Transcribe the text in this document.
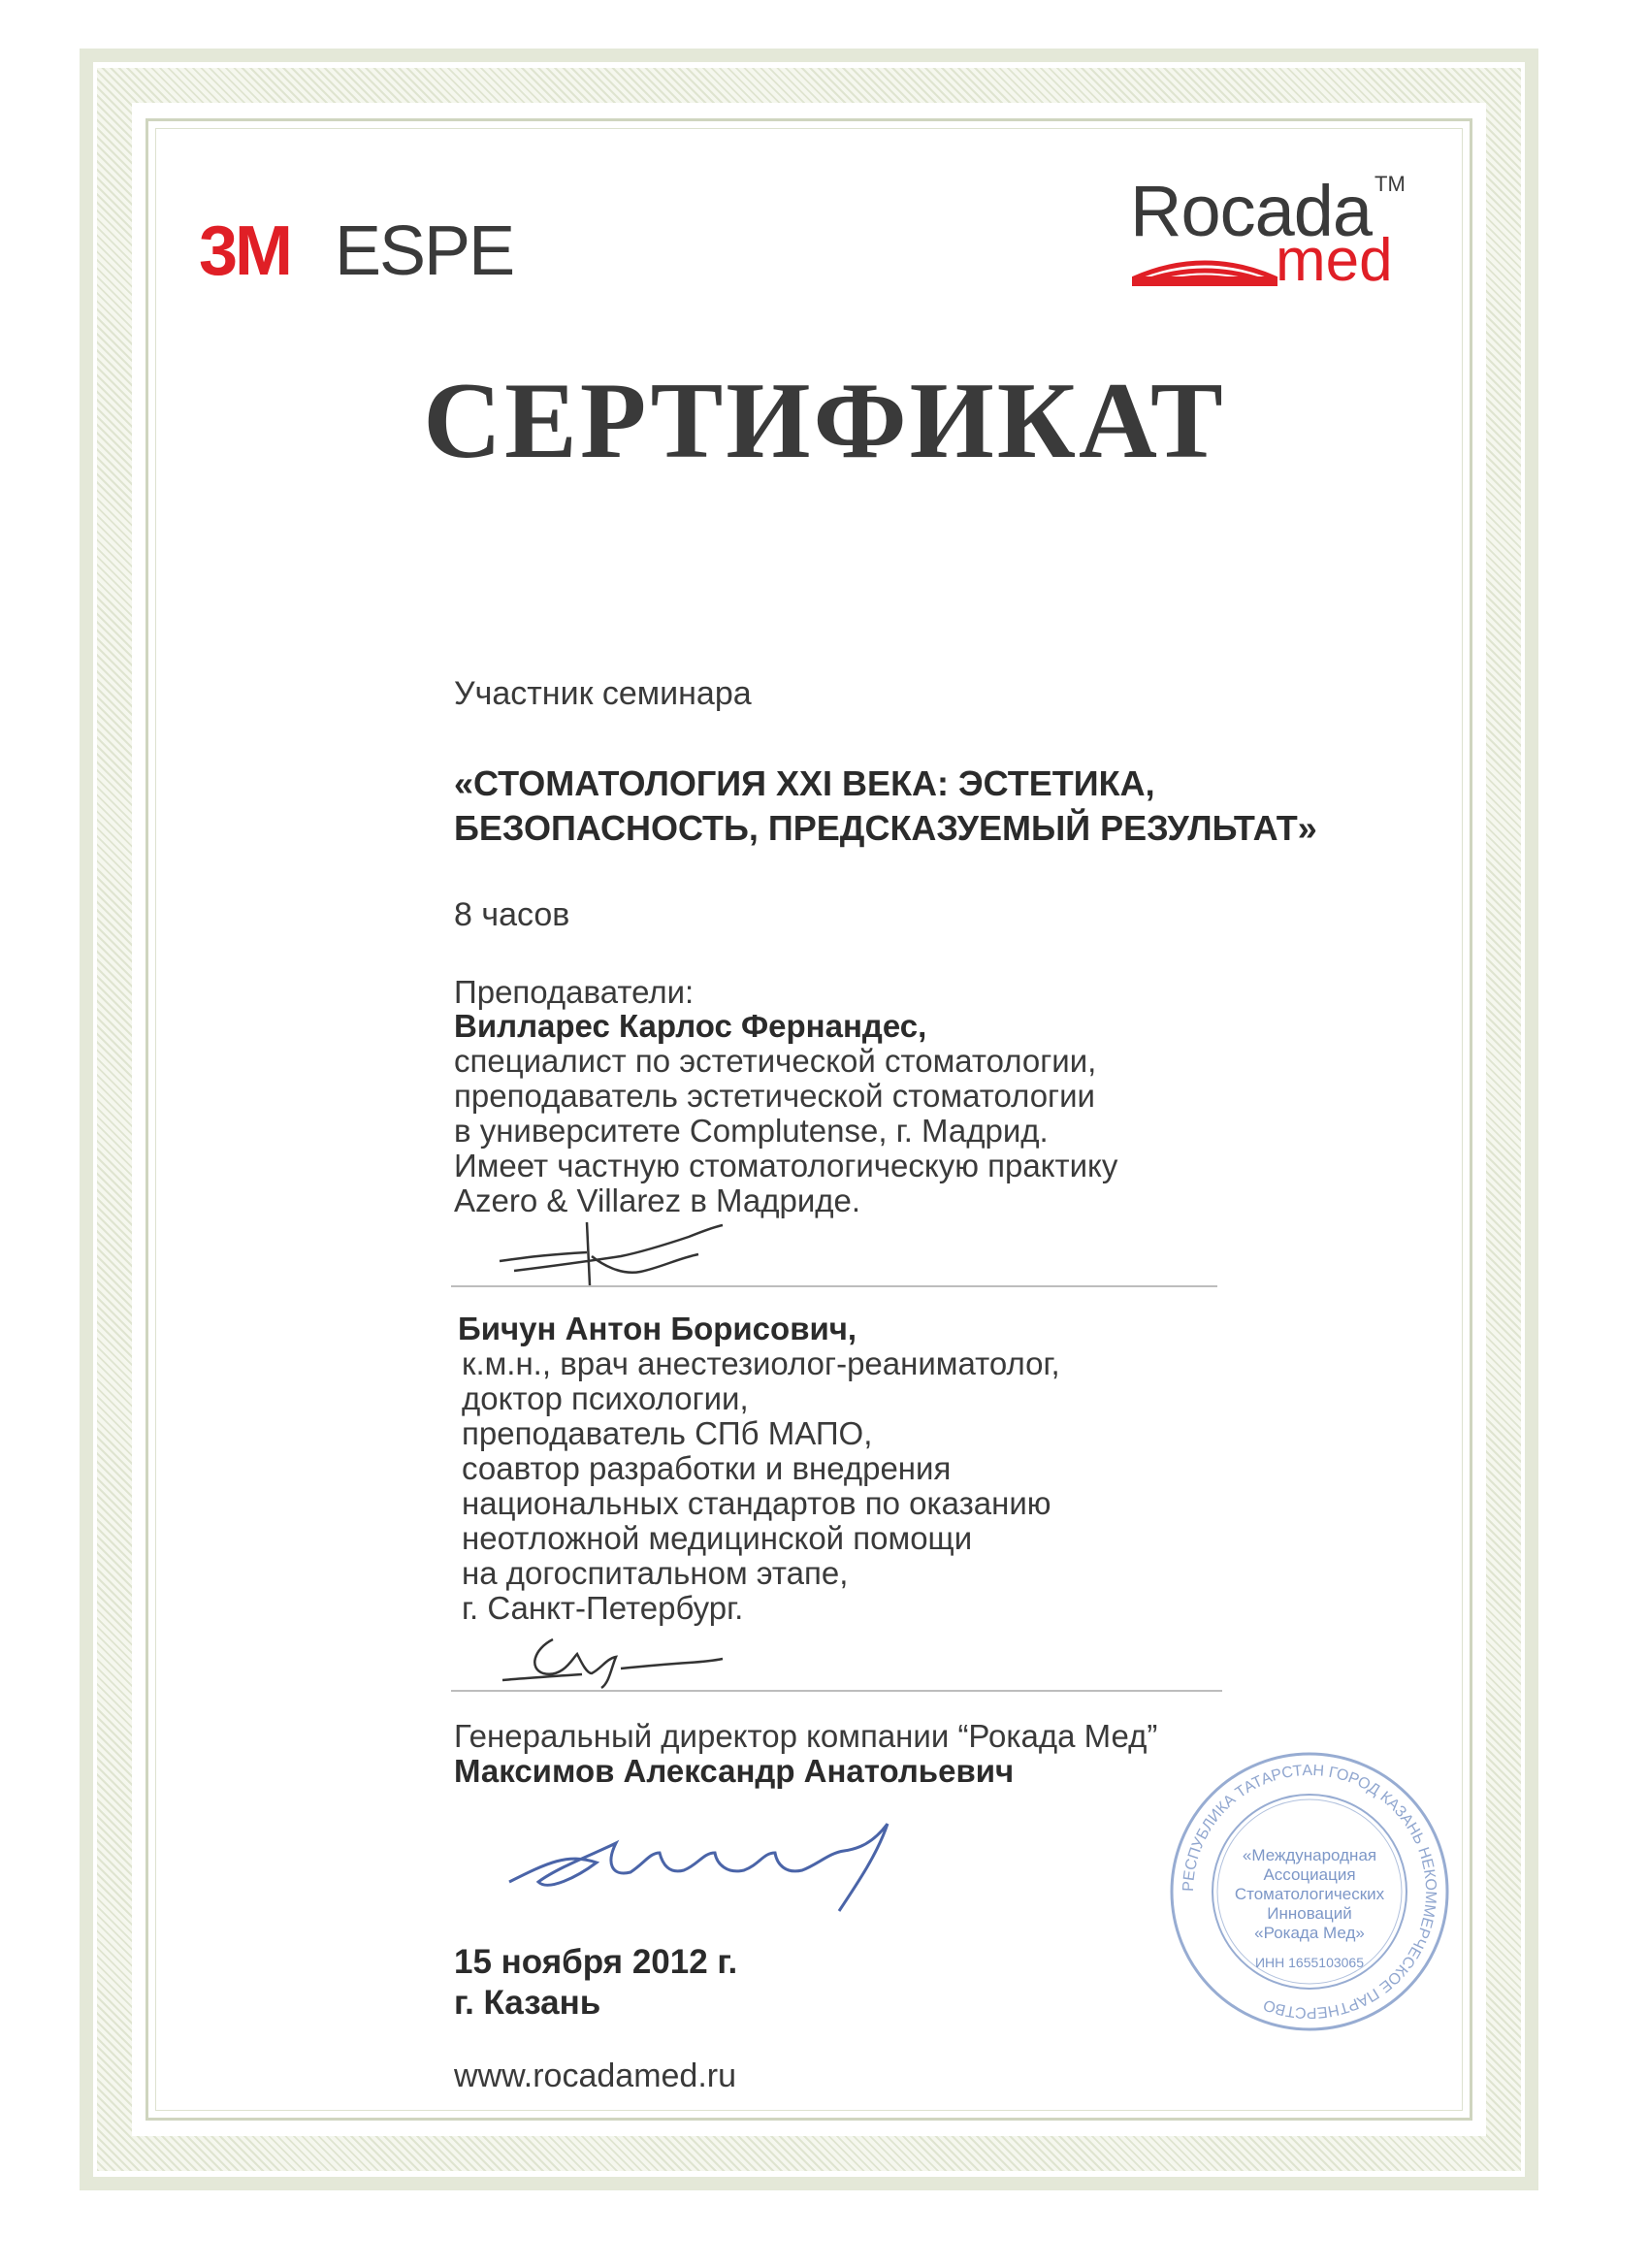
3M ESPE	Rocada TM
med
СЕРТИФИКАТ
Участник семинара
«СТОМАТОЛОГИЯ XXI ВЕКА: ЭСТЕТИКА,
БЕЗОПАСНОСТЬ, ПРЕДСКАЗУЕМЫЙ РЕЗУЛЬТАТ»
8 часов
Преподаватели:
Вилларес Карлос Фернандес,
специалист по эстетической стоматологии,
преподаватель эстетической стоматологии
в университете Complutense, г. Мадрид.
Имеет частную стоматологическую практику
Azero & Villarez в Мадриде.
Бичун Антон Борисович,
к.м.н., врач анестезиолог-реаниматолог,
доктор психологии,
преподаватель СПб МАПО,
соавтор разработки и внедрения
национальных стандартов по оказанию
неотложной медицинской помощи
на догоспитальном этапе,
г. Санкт-Петербург.
Генеральный директор компании “Рокада Мед”
Максимов Александр Анатольевич
РЕСПУБЛИКА ТАТАРСТАН ГОРОД КАЗАНЬ НЕКОММЕРЧЕСКОЕ ПАРТНЕРСТВО
«Международная
Ассоциация
Стоматологических
Инноваций
«Рокада Мед»
ИНН 1655103065
15 ноября 2012 г.
г. Казань
www.rocadamed.ru
